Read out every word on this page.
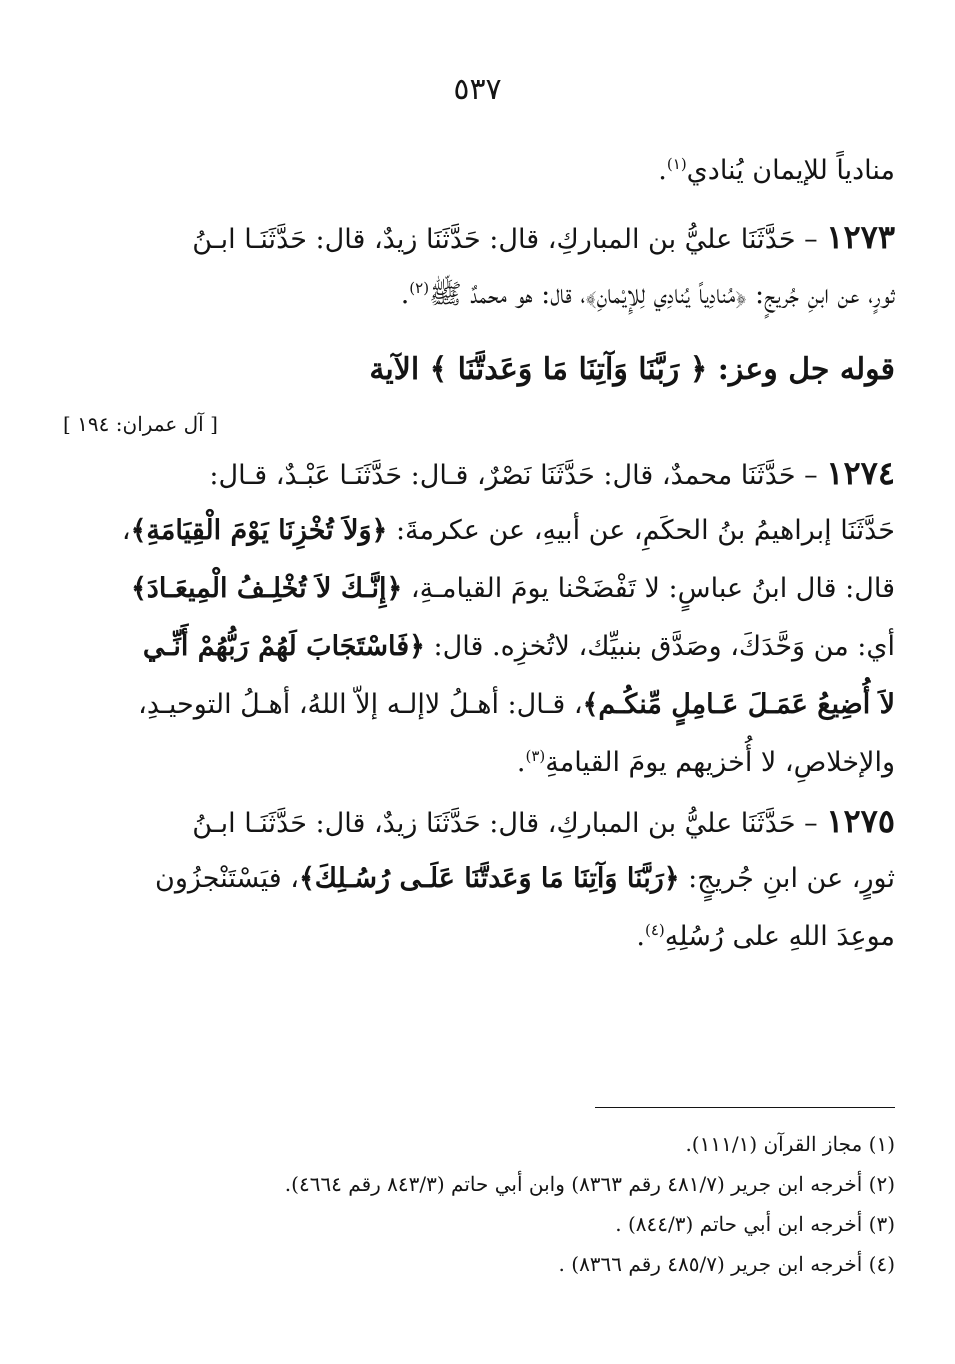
٥٣٧
منادياً للإيمان يُنادي$^{(١)}$.
١٢٧٣ – حَدَّثَنَا عليُّ بن المباركِ، قال: حَدَّثَنَا زيدٌ، قال: حَدَّثَنَـا ابـنُ
ثورٍ، عن ابنِ جُريجٍ: ﴿مُنادِياً يُنادِي لِلإِيْمانِ﴾، قال: هو محمدٌ ﷺ$^{(٢)}$.
قوله جل وعز: ﴿ رَبَّنَا وَآتِنَا مَا وَعَدتَّنَا ﴾ الآية
[ آل عمران: ١٩٤ ]
١٢٧٤ – حَدَّثَنَا محمدٌ، قال: حَدَّثَنَا نَصْرٌ، قـال: حَدَّثَنَـا عَبْـدٌ، قـال:
حَدَّثَنَا إبراهيمُ بنُ الحكَمِ، عن أبيهِ، عن عكرمةَ: ﴿وَلاَ تُخْزِنَا يَوْمَ الْقِيَامَةِ﴾،
قال: قال ابنُ عباسٍ: لا تَفْضَحْنا يومَ القيامـةِ، ﴿إِنَّـكَ لاَ تُخْلِـفُ الْمِيعَـادَ﴾
أي: من وَحَّدَكَ، وصَدَّق بنبيِّك، لاتُخزِه. قال: ﴿فَاسْتَجَابَ لَهُمْ رَبُّهُمْ أَنِّـي
لاَ أُضِيعُ عَمَـلَ عَـامِلٍ مِّنكُـم﴾، قـال: أهـلُ لاإلـه إلاّ اللهُ، أهـلُ التوحيـدِ،
والإخلاصِ، لا أُخزيهم يومَ القيامةِ$^{(٣)}$.
١٢٧٥ – حَدَّثَنَا عليُّ بن المباركِ، قال: حَدَّثَنَا زيدٌ، قال: حَدَّثَنَـا ابـنُ
ثورٍ، عن ابنِ جُريجٍ: ﴿رَبَّنَا وَآتِنَا مَا وَعَدتَّنَا عَلَـى رُسُـلِكَ﴾، فيَسْتَنْجزُون
موعِدَ اللهِ على رُسُلِهِ$^{(٤)}$.
(١) مجاز القرآن (١١١/١).
(٢) أخرجه ابن جرير (٤٨١/٧ رقم ٨٣٦٣) وابن أبي حاتم (٨٤٣/٣ رقم ٤٦٦٤).
(٣) أخرجه ابن أبي حاتم (٨٤٤/٣) .
(٤) أخرجه ابن جرير (٤٨٥/٧ رقم ٨٣٦٦) .
